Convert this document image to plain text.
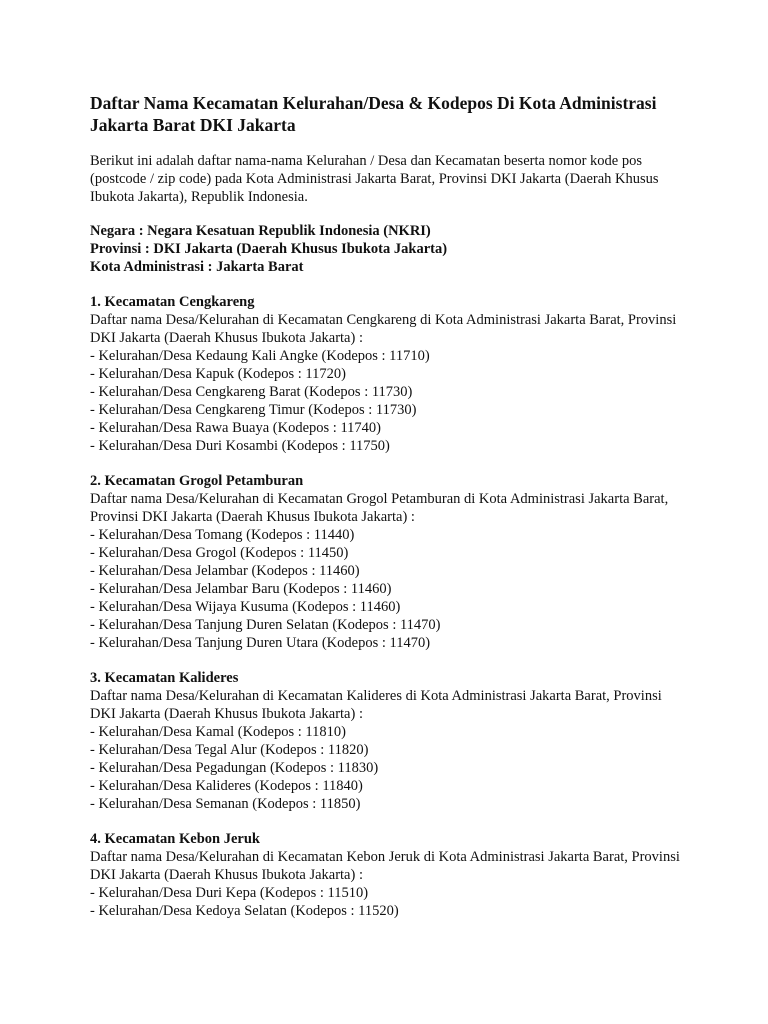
Daftar Nama Kecamatan Kelurahan/Desa & Kodepos Di Kota Administrasi Jakarta Barat DKI Jakarta
Berikut ini adalah daftar nama-nama Kelurahan / Desa dan Kecamatan beserta nomor kode pos (postcode / zip code) pada Kota Administrasi Jakarta Barat, Provinsi DKI Jakarta (Daerah Khusus Ibukota Jakarta), Republik Indonesia.
Negara : Negara Kesatuan Republik Indonesia (NKRI)
Provinsi : DKI Jakarta (Daerah Khusus Ibukota Jakarta)
Kota Administrasi : Jakarta Barat
1. Kecamatan Cengkareng
Daftar nama Desa/Kelurahan di Kecamatan Cengkareng di Kota Administrasi Jakarta Barat, Provinsi DKI Jakarta (Daerah Khusus Ibukota Jakarta) :
- Kelurahan/Desa Kedaung Kali Angke (Kodepos : 11710)
- Kelurahan/Desa Kapuk (Kodepos : 11720)
- Kelurahan/Desa Cengkareng Barat (Kodepos : 11730)
- Kelurahan/Desa Cengkareng Timur (Kodepos : 11730)
- Kelurahan/Desa Rawa Buaya (Kodepos : 11740)
- Kelurahan/Desa Duri Kosambi (Kodepos : 11750)
2. Kecamatan Grogol Petamburan
Daftar nama Desa/Kelurahan di Kecamatan Grogol Petamburan di Kota Administrasi Jakarta Barat, Provinsi DKI Jakarta (Daerah Khusus Ibukota Jakarta) :
- Kelurahan/Desa Tomang (Kodepos : 11440)
- Kelurahan/Desa Grogol (Kodepos : 11450)
- Kelurahan/Desa Jelambar (Kodepos : 11460)
- Kelurahan/Desa Jelambar Baru (Kodepos : 11460)
- Kelurahan/Desa Wijaya Kusuma (Kodepos : 11460)
- Kelurahan/Desa Tanjung Duren Selatan (Kodepos : 11470)
- Kelurahan/Desa Tanjung Duren Utara (Kodepos : 11470)
3. Kecamatan Kalideres
Daftar nama Desa/Kelurahan di Kecamatan Kalideres di Kota Administrasi Jakarta Barat, Provinsi DKI Jakarta (Daerah Khusus Ibukota Jakarta) :
- Kelurahan/Desa Kamal (Kodepos : 11810)
- Kelurahan/Desa Tegal Alur (Kodepos : 11820)
- Kelurahan/Desa Pegadungan (Kodepos : 11830)
- Kelurahan/Desa Kalideres (Kodepos : 11840)
- Kelurahan/Desa Semanan (Kodepos : 11850)
4. Kecamatan Kebon Jeruk
Daftar nama Desa/Kelurahan di Kecamatan Kebon Jeruk di Kota Administrasi Jakarta Barat, Provinsi DKI Jakarta (Daerah Khusus Ibukota Jakarta) :
- Kelurahan/Desa Duri Kepa (Kodepos : 11510)
- Kelurahan/Desa Kedoya Selatan (Kodepos : 11520)
